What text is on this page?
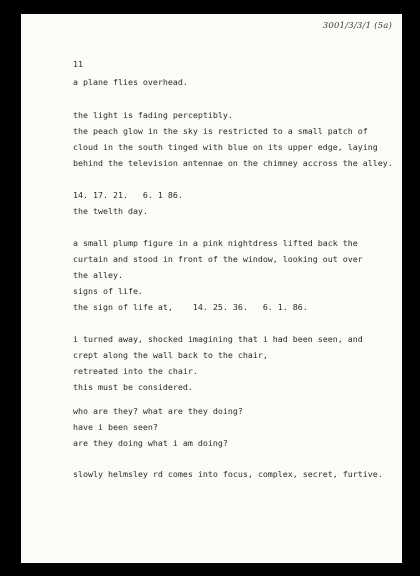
3001/3/3/1 (5a)
11
a plane flies overhead.
the light is fading perceptibly.
the peach glow in the sky is restricted to a small patch of
cloud in the south tinged with blue on its upper edge, laying
behind the television antennae on the chimney accross the alley.
14. 17. 21.   6. 1 86.
the twelth day.
a small plump figure in a pink nightdress lifted back the
curtain and stood in front of the window, looking out over
the alley.
signs of life.
the sign of life at,    14. 25. 36.   6. 1. 86.
i turned away, shocked imagining that i had been seen, and
crept along the wall back to the chair,
retreated into the chair.
this must be considered.
who are they? what are they doing?
have i been seen?
are they doing what i am doing?
slowly helmsley rd comes into focus, complex, secret, furtive.
